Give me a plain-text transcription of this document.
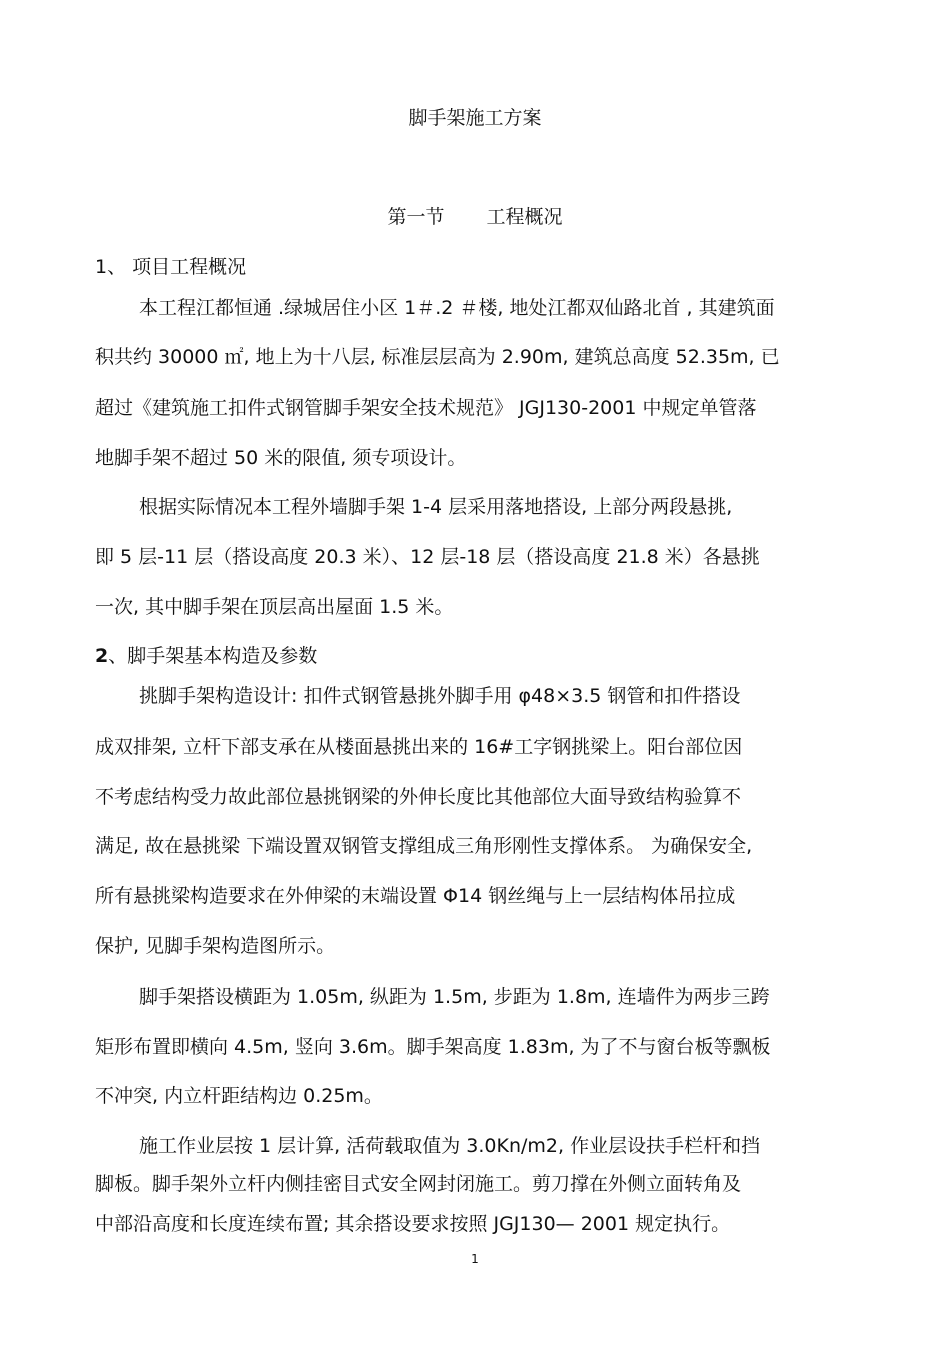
脚手架施工方案
第一节 工程概况
1、 项目工程概况
本工程江都恒通 .绿城居住小区 1＃.2 ＃楼, 地处江都双仙路北首 , 其建筑面
积共约 30000 ㎡, 地上为十八层, 标准层层高为 2.90m, 建筑总高度 52.35m, 已
超过《建筑施工扣件式钢管脚手架安全技术规范》 JGJ130-2001 中规定单管落
地脚手架不超过 50 米的限值, 须专项设计。
根据实际情况本工程外墙脚手架 1-4 层采用落地搭设, 上部分两段悬挑,
即 5 层-11 层（搭设高度 20.3 米）、12 层-18 层（搭设高度 21.8 米）各悬挑
一次, 其中脚手架在顶层高出屋面 1.5 米。
2、脚手架基本构造及参数
挑脚手架构造设计: 扣件式钢管悬挑外脚手用 φ48×3.5 钢管和扣件搭设
成双排架, 立杆下部支承在从楼面悬挑出来的 16#工字钢挑梁上。阳台部位因
不考虑结构受力故此部位悬挑钢梁的外伸长度比其他部位大面导致结构验算不
满足, 故在悬挑梁 下端设置双钢管支撑组成三角形刚性支撑体系。 为确保安全,
所有悬挑梁构造要求在外伸梁的末端设置 Φ14 钢丝绳与上一层结构体吊拉成
保护, 见脚手架构造图所示。
脚手架搭设横距为 1.05m, 纵距为 1.5m, 步距为 1.8m, 连墙件为两步三跨
矩形布置即横向 4.5m, 竖向 3.6m。脚手架高度 1.83m, 为了不与窗台板等飘板
不冲突, 内立杆距结构边 0.25m。
施工作业层按 1 层计算, 活荷载取值为 3.0Kn/m2, 作业层设扶手栏杆和挡
脚板。脚手架外立杆内侧挂密目式安全网封闭施工。剪刀撑在外侧立面转角及
中部沿高度和长度连续布置; 其余搭设要求按照 JGJ130— 2001 规定执行。
1
